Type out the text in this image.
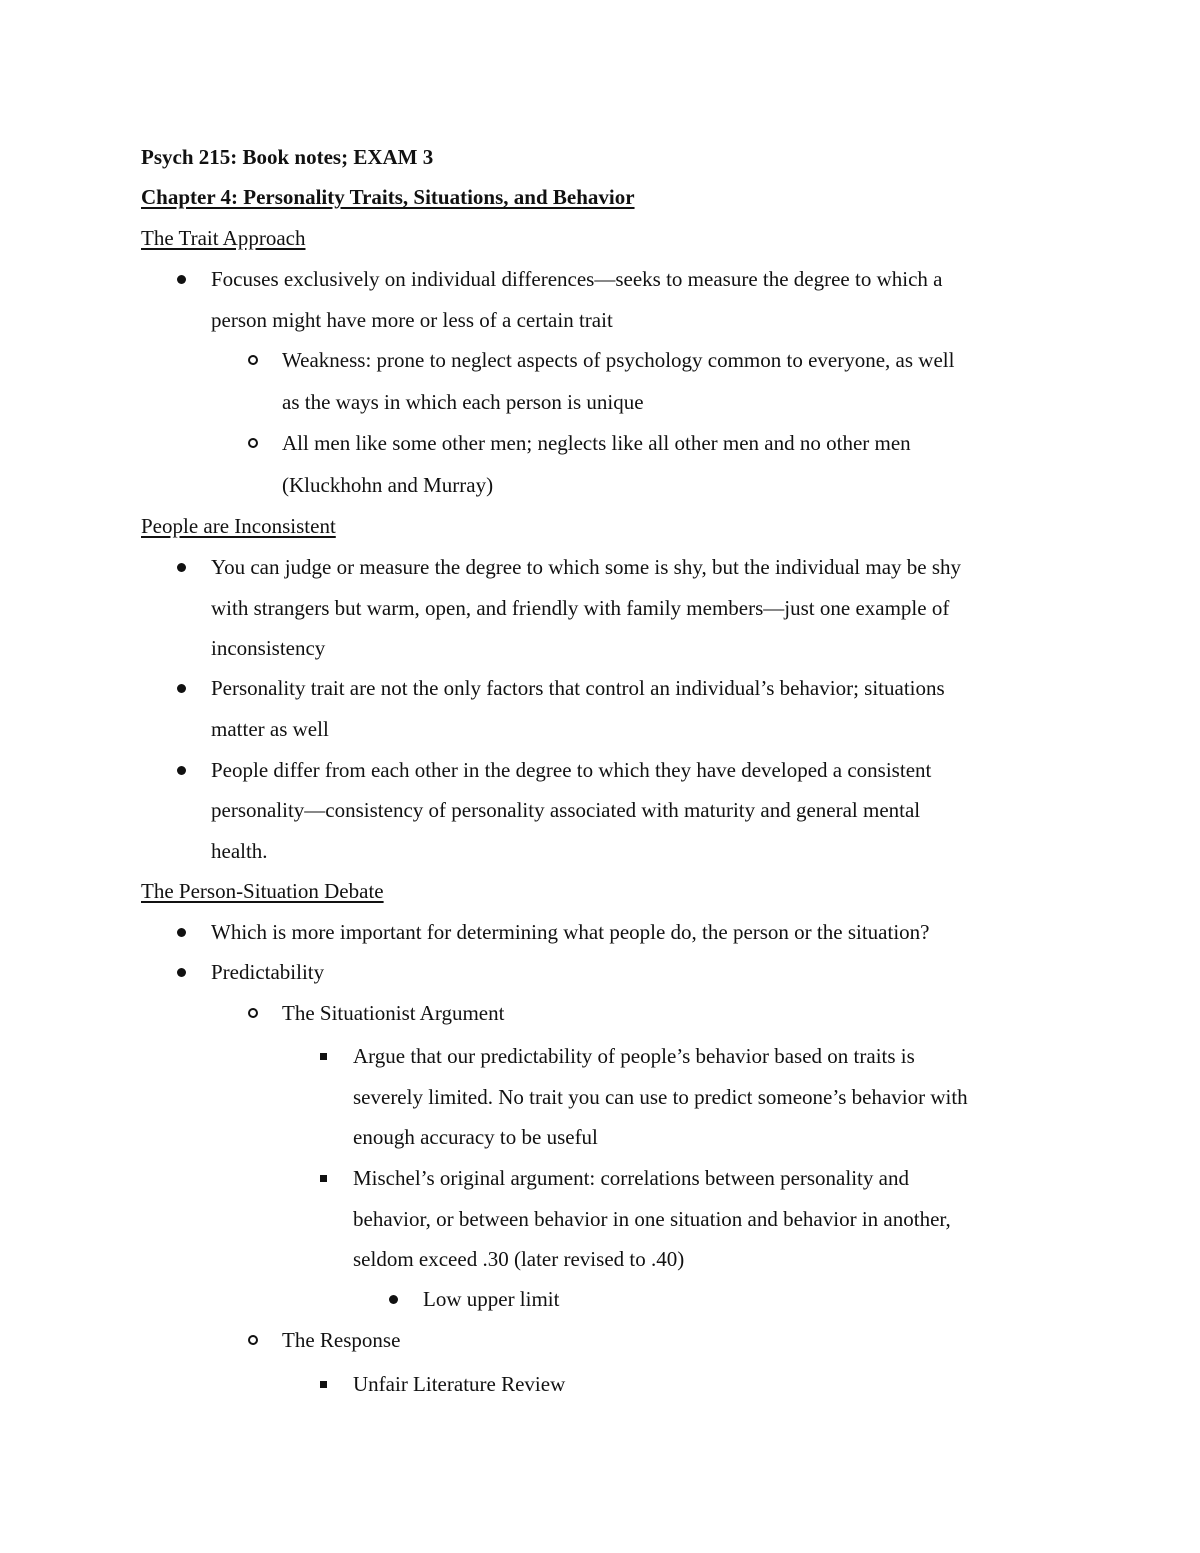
Psych 215: Book notes; EXAM 3
Chapter 4: Personality Traits, Situations, and Behavior
The Trait Approach
Focuses exclusively on individual differences—seeks to measure the degree to which a
person might have more or less of a certain trait
Weakness: prone to neglect aspects of psychology common to everyone, as well
as the ways in which each person is unique
All men like some other men; neglects like all other men and no other men
(Kluckhohn and Murray)
People are Inconsistent
You can judge or measure the degree to which some is shy, but the individual may be shy
with strangers but warm, open, and friendly with family members—just one example of
inconsistency
Personality trait are not the only factors that control an individual’s behavior; situations
matter as well
People differ from each other in the degree to which they have developed a consistent
personality—consistency of personality associated with maturity and general mental
health.
The Person-Situation Debate
Which is more important for determining what people do, the person or the situation?
Predictability
The Situationist Argument
Argue that our predictability of people’s behavior based on traits is
severely limited. No trait you can use to predict someone’s behavior with
enough accuracy to be useful
Mischel’s original argument: correlations between personality and
behavior, or between behavior in one situation and behavior in another,
seldom exceed .30 (later revised to .40)
Low upper limit
The Response
Unfair Literature Review
